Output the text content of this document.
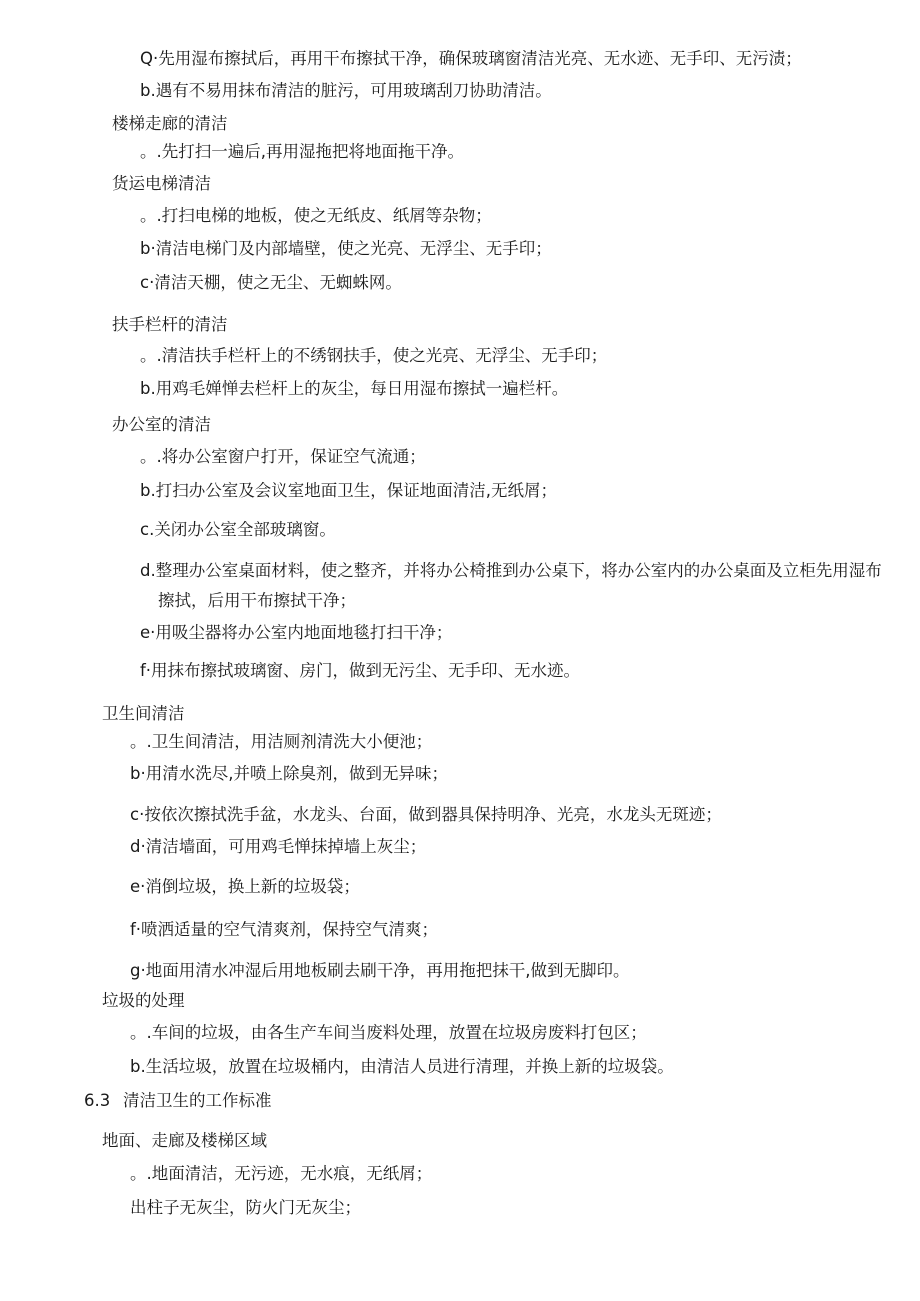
Q·先用湿布擦拭后，再用干布擦拭干净，确保玻璃窗清洁光亮、无水迹、无手印、无污渍；
b.遇有不易用抹布清洁的脏污，可用玻璃刮刀协助清洁。
楼梯走廊的清洁
。.先打扫一遍后,再用湿拖把将地面拖干净。
货运电梯清洁
。.打扫电梯的地板，使之无纸皮、纸屑等杂物；
b·清洁电梯门及内部墙壁，使之光亮、无浮尘、无手印；
c·清洁天棚，使之无尘、无蜘蛛网。
扶手栏杆的清洁
。.清洁扶手栏杆上的不绣钢扶手，使之光亮、无浮尘、无手印；
b.用鸡毛婵惮去栏杆上的灰尘，每日用湿布擦拭一遍栏杆。
办公室的清洁
。.将办公室窗户打开，保证空气流通；
b.打扫办公室及会议室地面卫生，保证地面清洁,无纸屑；
c.关闭办公室全部玻璃窗。
d.整理办公室桌面材料，使之整齐，并将办公椅推到办公桌下，将办公室内的办公桌面及立柜先用湿布擦拭，后用干布擦拭干净；
e·用吸尘器将办公室内地面地毯打扫干净；
f·用抹布擦拭玻璃窗、房门，做到无污尘、无手印、无水迹。
卫生间清洁
。.卫生间清洁，用洁厕剂清洗大小便池；
b·用清水洗尽,并喷上除臭剂，做到无异味；
c·按依次擦拭洗手盆，水龙头、台面，做到器具保持明净、光亮，水龙头无斑迹；
d·清洁墙面，可用鸡毛惮抹掉墙上灰尘；
e·消倒垃圾，换上新的垃圾袋；
f·喷洒适量的空气清爽剂，保持空气清爽；
g·地面用清水冲湿后用地板刷去刷干净，再用拖把抹干,做到无脚印。
垃圾的处理
。.车间的垃圾，由各生产车间当废料处理，放置在垃圾房废料打包区；
b.生活垃圾，放置在垃圾桶内，由清洁人员进行清理，并换上新的垃圾袋。
6.3 清洁卫生的工作标准
地面、走廊及楼梯区域
。.地面清洁，无污迹，无水痕，无纸屑；
出柱子无灰尘，防火门无灰尘；
